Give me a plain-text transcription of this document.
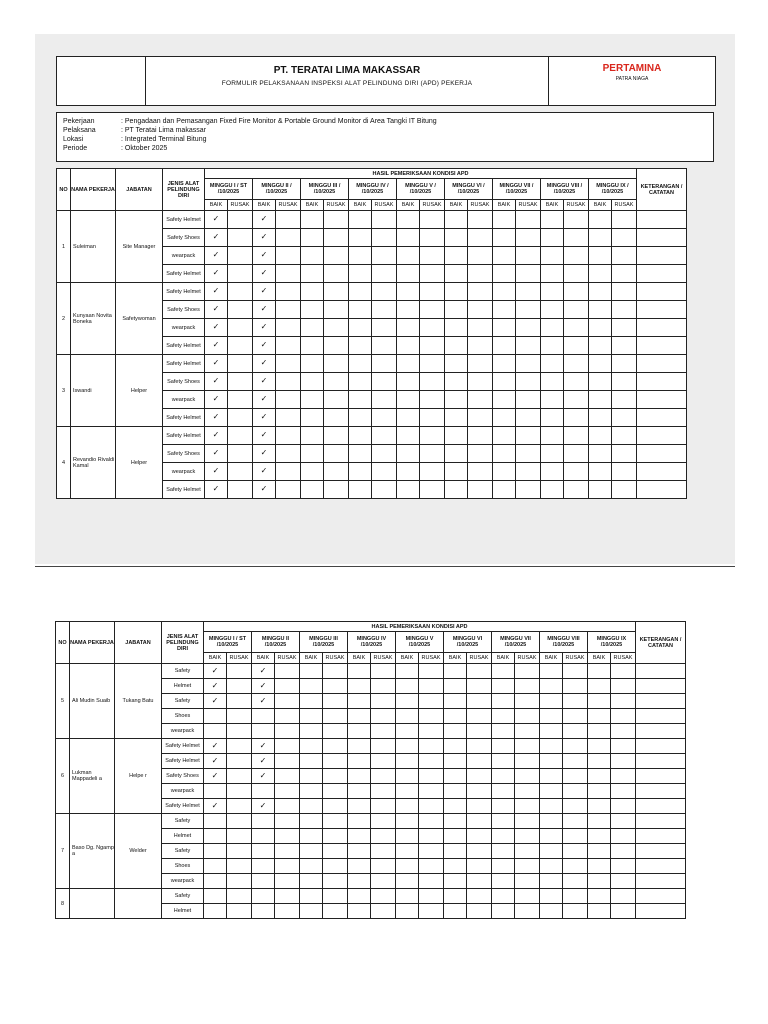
PT. TERATAI LIMA MAKASSAR
FORMULIR PELAKSANAAN INSPEKSI ALAT PELINDUNG DIRI (APD) PEKERJA
PERTAMINA
PATRA NIAGA
Pekerjaan	: Pengadaan dan Pemasangan Fixed Fire Monitor & Portable Ground Monitor di Area Tangki IT Bitung
Pelaksana	: PT Teratai Lima makassar
Lokasi	: Integrated Terminal Bitung
Periode	: Oktober 2025
NO	NAMA PEKERJA	JABATAN	JENIS ALAT PELINDUNG DIRI	HASIL PEMERIKSAAN KONDISI APD																		KETERANGAN / CATATAN
				MINGGU I / ST /10/2025		MINGGU II / /10/2025		MINGGU III / /10/2025		MINGGU IV / /10/2025		MINGGU V / /10/2025		MINGGU VI / /10/2025		MINGGU VII / /10/2025		MINGGU VIII / /10/2025		MINGGU IX / /10/2025		
				BAIK	RUSAK	BAIK	RUSAK	BAIK	RUSAK	BAIK	RUSAK	BAIK	RUSAK	BAIK	RUSAK	BAIK	RUSAK	BAIK	RUSAK	BAIK	RUSAK	
1	Suleiman	Site Manager	Safety Helmet	✓		✓																
			Safety Shoes	✓		✓																
			wearpack	✓		✓																
			Safety Helmet	✓		✓																
2	Kunyaan Novita Boneka	Safetywoman	Safety Helmet	✓		✓																
			Safety Shoes	✓		✓																
			wearpack	✓		✓																
			Safety Helmet	✓		✓																
3	Iswandi	Helper	Safety Helmet	✓		✓																
			Safety Shoes	✓		✓																
			wearpack	✓		✓																
			Safety Helmet	✓		✓																
4	Revandio Rivaldi Kamal	Helper	Safety Helmet	✓		✓																
			Safety Shoes	✓		✓																
			wearpack	✓		✓																
			Safety Helmet	✓		✓																
NO	NAMA PEKERJA	JABATAN	JENIS ALAT PELINDUNG DIRI	HASIL PEMERIKSAAN KONDISI APD																		KETERANGAN / CATATAN
				MINGGU I / ST /10/2025		MINGGU II /10/2025		MINGGU III /10/2025		MINGGU IV /10/2025		MINGGU V /10/2025		MINGGU VI /10/2025		MINGGU VII /10/2025		MINGGU VIII /10/2025		MINGGU IX /10/2025		
				BAIK	RUSAK	BAIK	RUSAK	BAIK	RUSAK	BAIK	RUSAK	BAIK	RUSAK	BAIK	RUSAK	BAIK	RUSAK	BAIK	RUSAK	BAIK	RUSAK	
5	Ali Mudin Suaib	Tukang Batu	Safety	✓		✓																
			Helmet	✓		✓																
			Safety	✓		✓																
			Shoes																			
			wearpack																			
6	Lukman Mappadeli a	Helpe r	Safety Helmet	✓		✓																
			Safety Helmet	✓		✓																
			Safety Shoes	✓		✓																
			wearpack																			
			Safety Helmet	✓		✓																
7	Baso Dg. Ngamp a	Welder	Safety																			
			Helmet																			
			Safety																			
			Shoes																			
			wearpack																			
8			Safety																			
			Helmet																			
